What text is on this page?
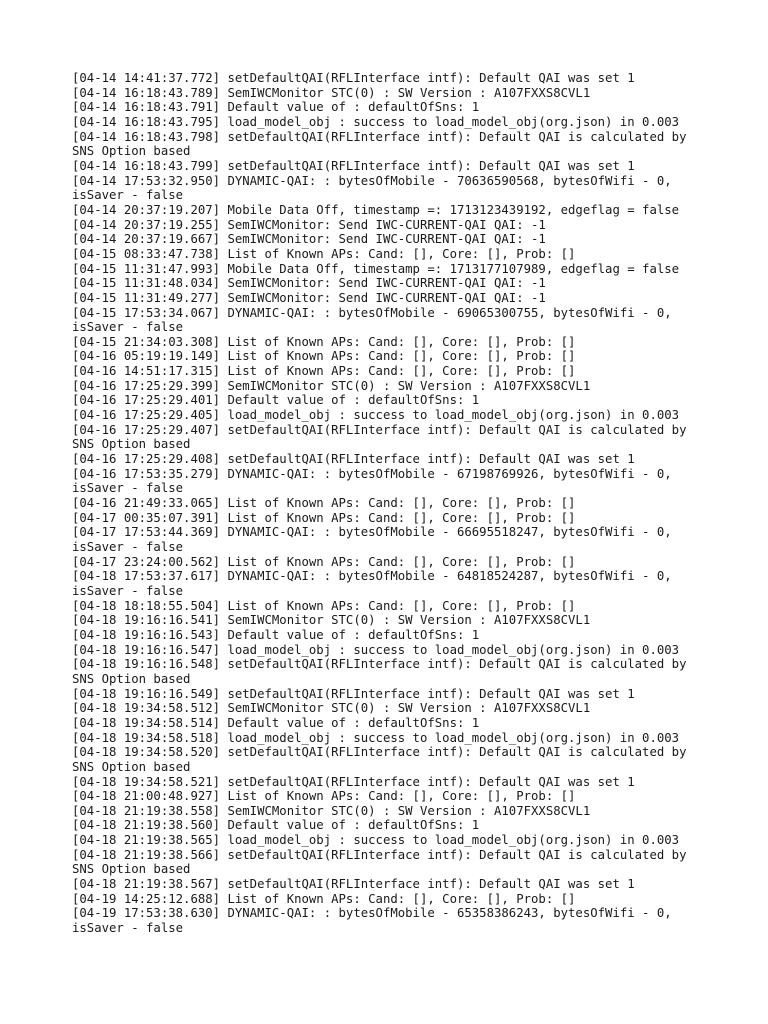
[04-14 14:41:37.772] setDefaultQAI(RFLInterface intf): Default QAI was set 1
[04-14 16:18:43.789] SemIWCMonitor STC(0) : SW Version : A107FXXS8CVL1
[04-14 16:18:43.791] Default value of : defaultOfSns: 1
[04-14 16:18:43.795] load_model_obj : success to load_model_obj(org.json) in 0.003
[04-14 16:18:43.798] setDefaultQAI(RFLInterface intf): Default QAI is calculated by
SNS Option based
[04-14 16:18:43.799] setDefaultQAI(RFLInterface intf): Default QAI was set 1
[04-14 17:53:32.950] DYNAMIC-QAI: : bytesOfMobile - 70636590568, bytesOfWifi - 0,
isSaver - false
[04-14 20:37:19.207] Mobile Data Off, timestamp =: 1713123439192, edgeflag = false
[04-14 20:37:19.255] SemIWCMonitor: Send IWC-CURRENT-QAI QAI: -1
[04-14 20:37:19.667] SemIWCMonitor: Send IWC-CURRENT-QAI QAI: -1
[04-15 08:33:47.738] List of Known APs: Cand: [], Core: [], Prob: []
[04-15 11:31:47.993] Mobile Data Off, timestamp =: 1713177107989, edgeflag = false
[04-15 11:31:48.034] SemIWCMonitor: Send IWC-CURRENT-QAI QAI: -1
[04-15 11:31:49.277] SemIWCMonitor: Send IWC-CURRENT-QAI QAI: -1
[04-15 17:53:34.067] DYNAMIC-QAI: : bytesOfMobile - 69065300755, bytesOfWifi - 0,
isSaver - false
[04-15 21:34:03.308] List of Known APs: Cand: [], Core: [], Prob: []
[04-16 05:19:19.149] List of Known APs: Cand: [], Core: [], Prob: []
[04-16 14:51:17.315] List of Known APs: Cand: [], Core: [], Prob: []
[04-16 17:25:29.399] SemIWCMonitor STC(0) : SW Version : A107FXXS8CVL1
[04-16 17:25:29.401] Default value of : defaultOfSns: 1
[04-16 17:25:29.405] load_model_obj : success to load_model_obj(org.json) in 0.003
[04-16 17:25:29.407] setDefaultQAI(RFLInterface intf): Default QAI is calculated by
SNS Option based
[04-16 17:25:29.408] setDefaultQAI(RFLInterface intf): Default QAI was set 1
[04-16 17:53:35.279] DYNAMIC-QAI: : bytesOfMobile - 67198769926, bytesOfWifi - 0,
isSaver - false
[04-16 21:49:33.065] List of Known APs: Cand: [], Core: [], Prob: []
[04-17 00:35:07.391] List of Known APs: Cand: [], Core: [], Prob: []
[04-17 17:53:44.369] DYNAMIC-QAI: : bytesOfMobile - 66695518247, bytesOfWifi - 0,
isSaver - false
[04-17 23:24:00.562] List of Known APs: Cand: [], Core: [], Prob: []
[04-18 17:53:37.617] DYNAMIC-QAI: : bytesOfMobile - 64818524287, bytesOfWifi - 0,
isSaver - false
[04-18 18:18:55.504] List of Known APs: Cand: [], Core: [], Prob: []
[04-18 19:16:16.541] SemIWCMonitor STC(0) : SW Version : A107FXXS8CVL1
[04-18 19:16:16.543] Default value of : defaultOfSns: 1
[04-18 19:16:16.547] load_model_obj : success to load_model_obj(org.json) in 0.003
[04-18 19:16:16.548] setDefaultQAI(RFLInterface intf): Default QAI is calculated by
SNS Option based
[04-18 19:16:16.549] setDefaultQAI(RFLInterface intf): Default QAI was set 1
[04-18 19:34:58.512] SemIWCMonitor STC(0) : SW Version : A107FXXS8CVL1
[04-18 19:34:58.514] Default value of : defaultOfSns: 1
[04-18 19:34:58.518] load_model_obj : success to load_model_obj(org.json) in 0.003
[04-18 19:34:58.520] setDefaultQAI(RFLInterface intf): Default QAI is calculated by
SNS Option based
[04-18 19:34:58.521] setDefaultQAI(RFLInterface intf): Default QAI was set 1
[04-18 21:00:48.927] List of Known APs: Cand: [], Core: [], Prob: []
[04-18 21:19:38.558] SemIWCMonitor STC(0) : SW Version : A107FXXS8CVL1
[04-18 21:19:38.560] Default value of : defaultOfSns: 1
[04-18 21:19:38.565] load_model_obj : success to load_model_obj(org.json) in 0.003
[04-18 21:19:38.566] setDefaultQAI(RFLInterface intf): Default QAI is calculated by
SNS Option based
[04-18 21:19:38.567] setDefaultQAI(RFLInterface intf): Default QAI was set 1
[04-19 14:25:12.688] List of Known APs: Cand: [], Core: [], Prob: []
[04-19 17:53:38.630] DYNAMIC-QAI: : bytesOfMobile - 65358386243, bytesOfWifi - 0,
isSaver - false
